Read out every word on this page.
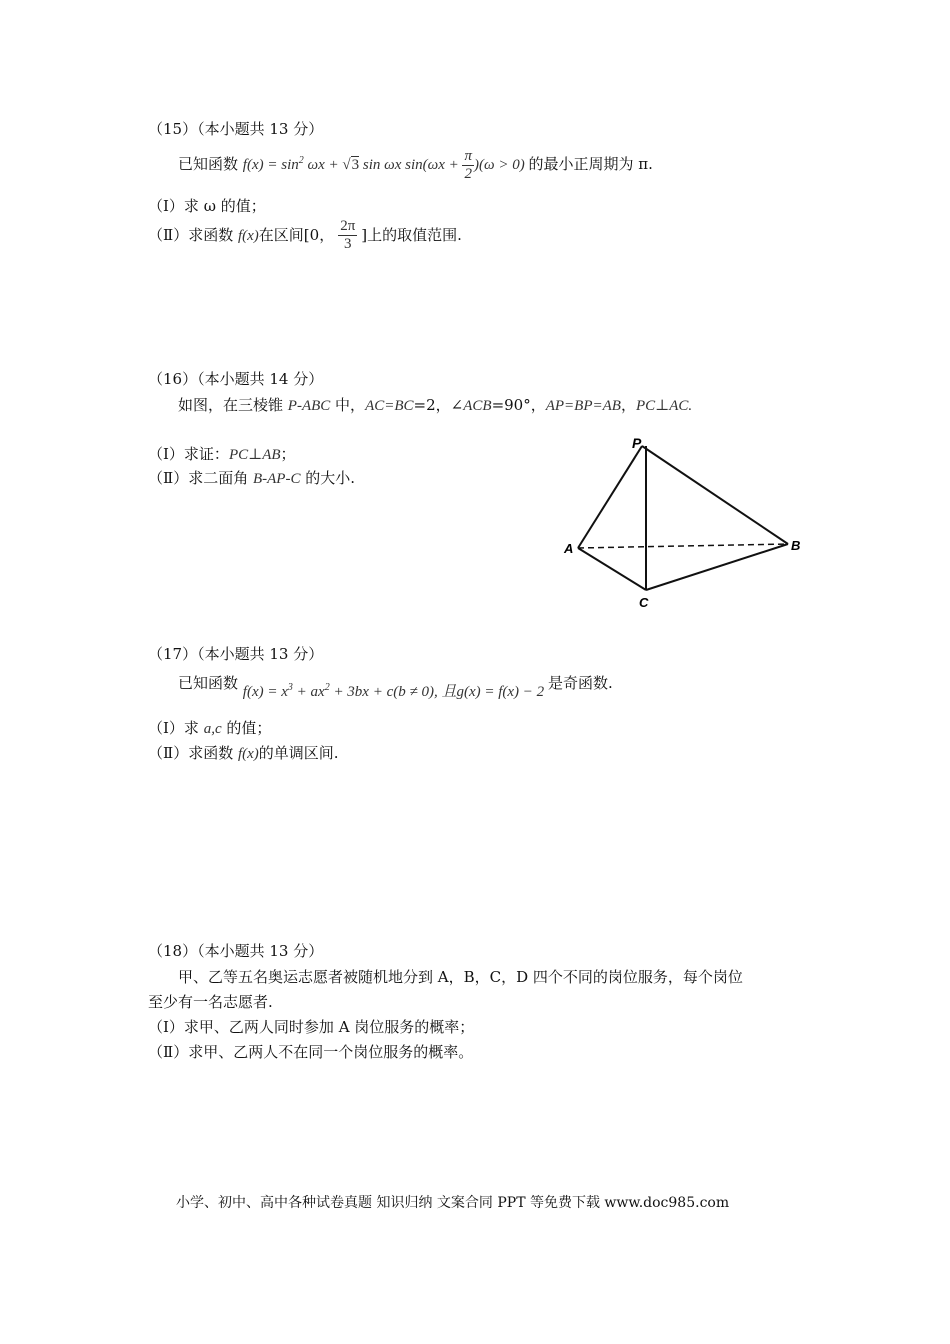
（15）（本小题共 13 分）
已知函数 $f(x) = \sin^2 \omega x + √3$ sin ωx $\sin(\omega x + \frac{\pi}{2} )(\omega > 0)$ 的最小正周期为 π.
（Ⅰ）求 ω 的值；
（Ⅱ）求函数 f(x)在区间[0， $\frac{2\pi}{3}$ ]上的取值范围.
（16）（本小题共 14 分）
如图，在三棱锥 P-ABC 中，AC=BC=2，∠ACB=90°，AP=BP=AB，PC⊥AC.
（Ⅰ）求证：PC⊥AB；
（Ⅱ）求二面角 B-AP-C 的大小.
P
A	B
C
（17）（本小题共 13 分）
已知函数 $f(x) = x^3 + ax^2 + 3bx + c(b \ne 0)$, 且g(x) = f(x) − 2 是奇函数.
（Ⅰ）求 a,c 的值；
（Ⅱ）求函数 f(x)的单调区间.
（18）（本小题共 13 分）
甲、乙等五名奥运志愿者被随机地分到 A，B，C，D 四个不同的岗位服务，每个岗位
至少有一名志愿者.
（Ⅰ）求甲、乙两人同时参加 A 岗位服务的概率；
（Ⅱ）求甲、乙两人不在同一个岗位服务的概率。
小学、初中、高中各种试卷真题 知识归纳 文案合同 PPT 等免费下载 www.doc985.com
